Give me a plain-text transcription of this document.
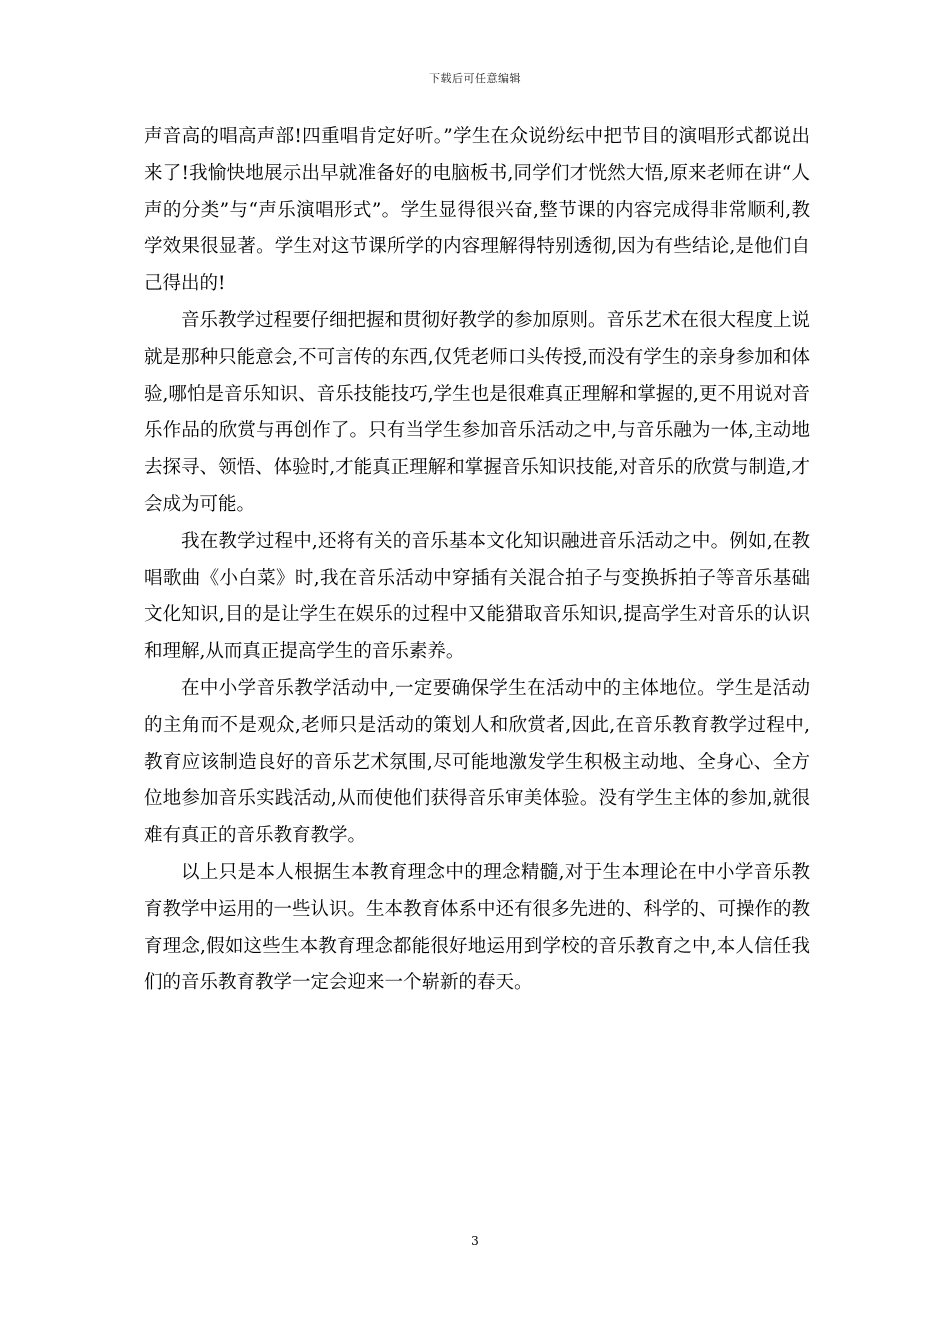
下载后可任意编辑

声音高的唱高声部!四重唱肯定好听。”学生在众说纷纭中把节目的演唱形式都说出来了!我愉快地展示出早就准备好的电脑板书,同学们才恍然大悟,原来老师在讲“人声的分类”与“声乐演唱形式”。学生显得很兴奋,整节课的内容完成得非常顺利,教学效果很显著。学生对这节课所学的内容理解得特别透彻,因为有些结论,是他们自己得出的!

音乐教学过程要仔细把握和贯彻好教学的参加原则。音乐艺术在很大程度上说就是那种只能意会,不可言传的东西,仅凭老师口头传授,而没有学生的亲身参加和体验,哪怕是音乐知识、音乐技能技巧,学生也是很难真正理解和掌握的,更不用说对音乐作品的欣赏与再创作了。只有当学生参加音乐活动之中,与音乐融为一体,主动地去探寻、领悟、体验时,才能真正理解和掌握音乐知识技能,对音乐的欣赏与制造,才会成为可能。

我在教学过程中,还将有关的音乐基本文化知识融进音乐活动之中。例如,在教唱歌曲《小白菜》时,我在音乐活动中穿插有关混合拍子与变换拆拍子等音乐基础文化知识,目的是让学生在娱乐的过程中又能猎取音乐知识,提高学生对音乐的认识和理解,从而真正提高学生的音乐素养。

在中小学音乐教学活动中,一定要确保学生在活动中的主体地位。学生是活动的主角而不是观众,老师只是活动的策划人和欣赏者,因此,在音乐教育教学过程中,教育应该制造良好的音乐艺术氛围,尽可能地激发学生积极主动地、全身心、全方位地参加音乐实践活动,从而使他们获得音乐审美体验。没有学生主体的参加,就很难有真正的音乐教育教学。

以上只是本人根据生本教育理念中的理念精髓,对于生本理论在中小学音乐教育教学中运用的一些认识。生本教育体系中还有很多先进的、科学的、可操作的教育理念,假如这些生本教育理念都能很好地运用到学校的音乐教育之中,本人信任我们的音乐教育教学一定会迎来一个崭新的春天。

3
